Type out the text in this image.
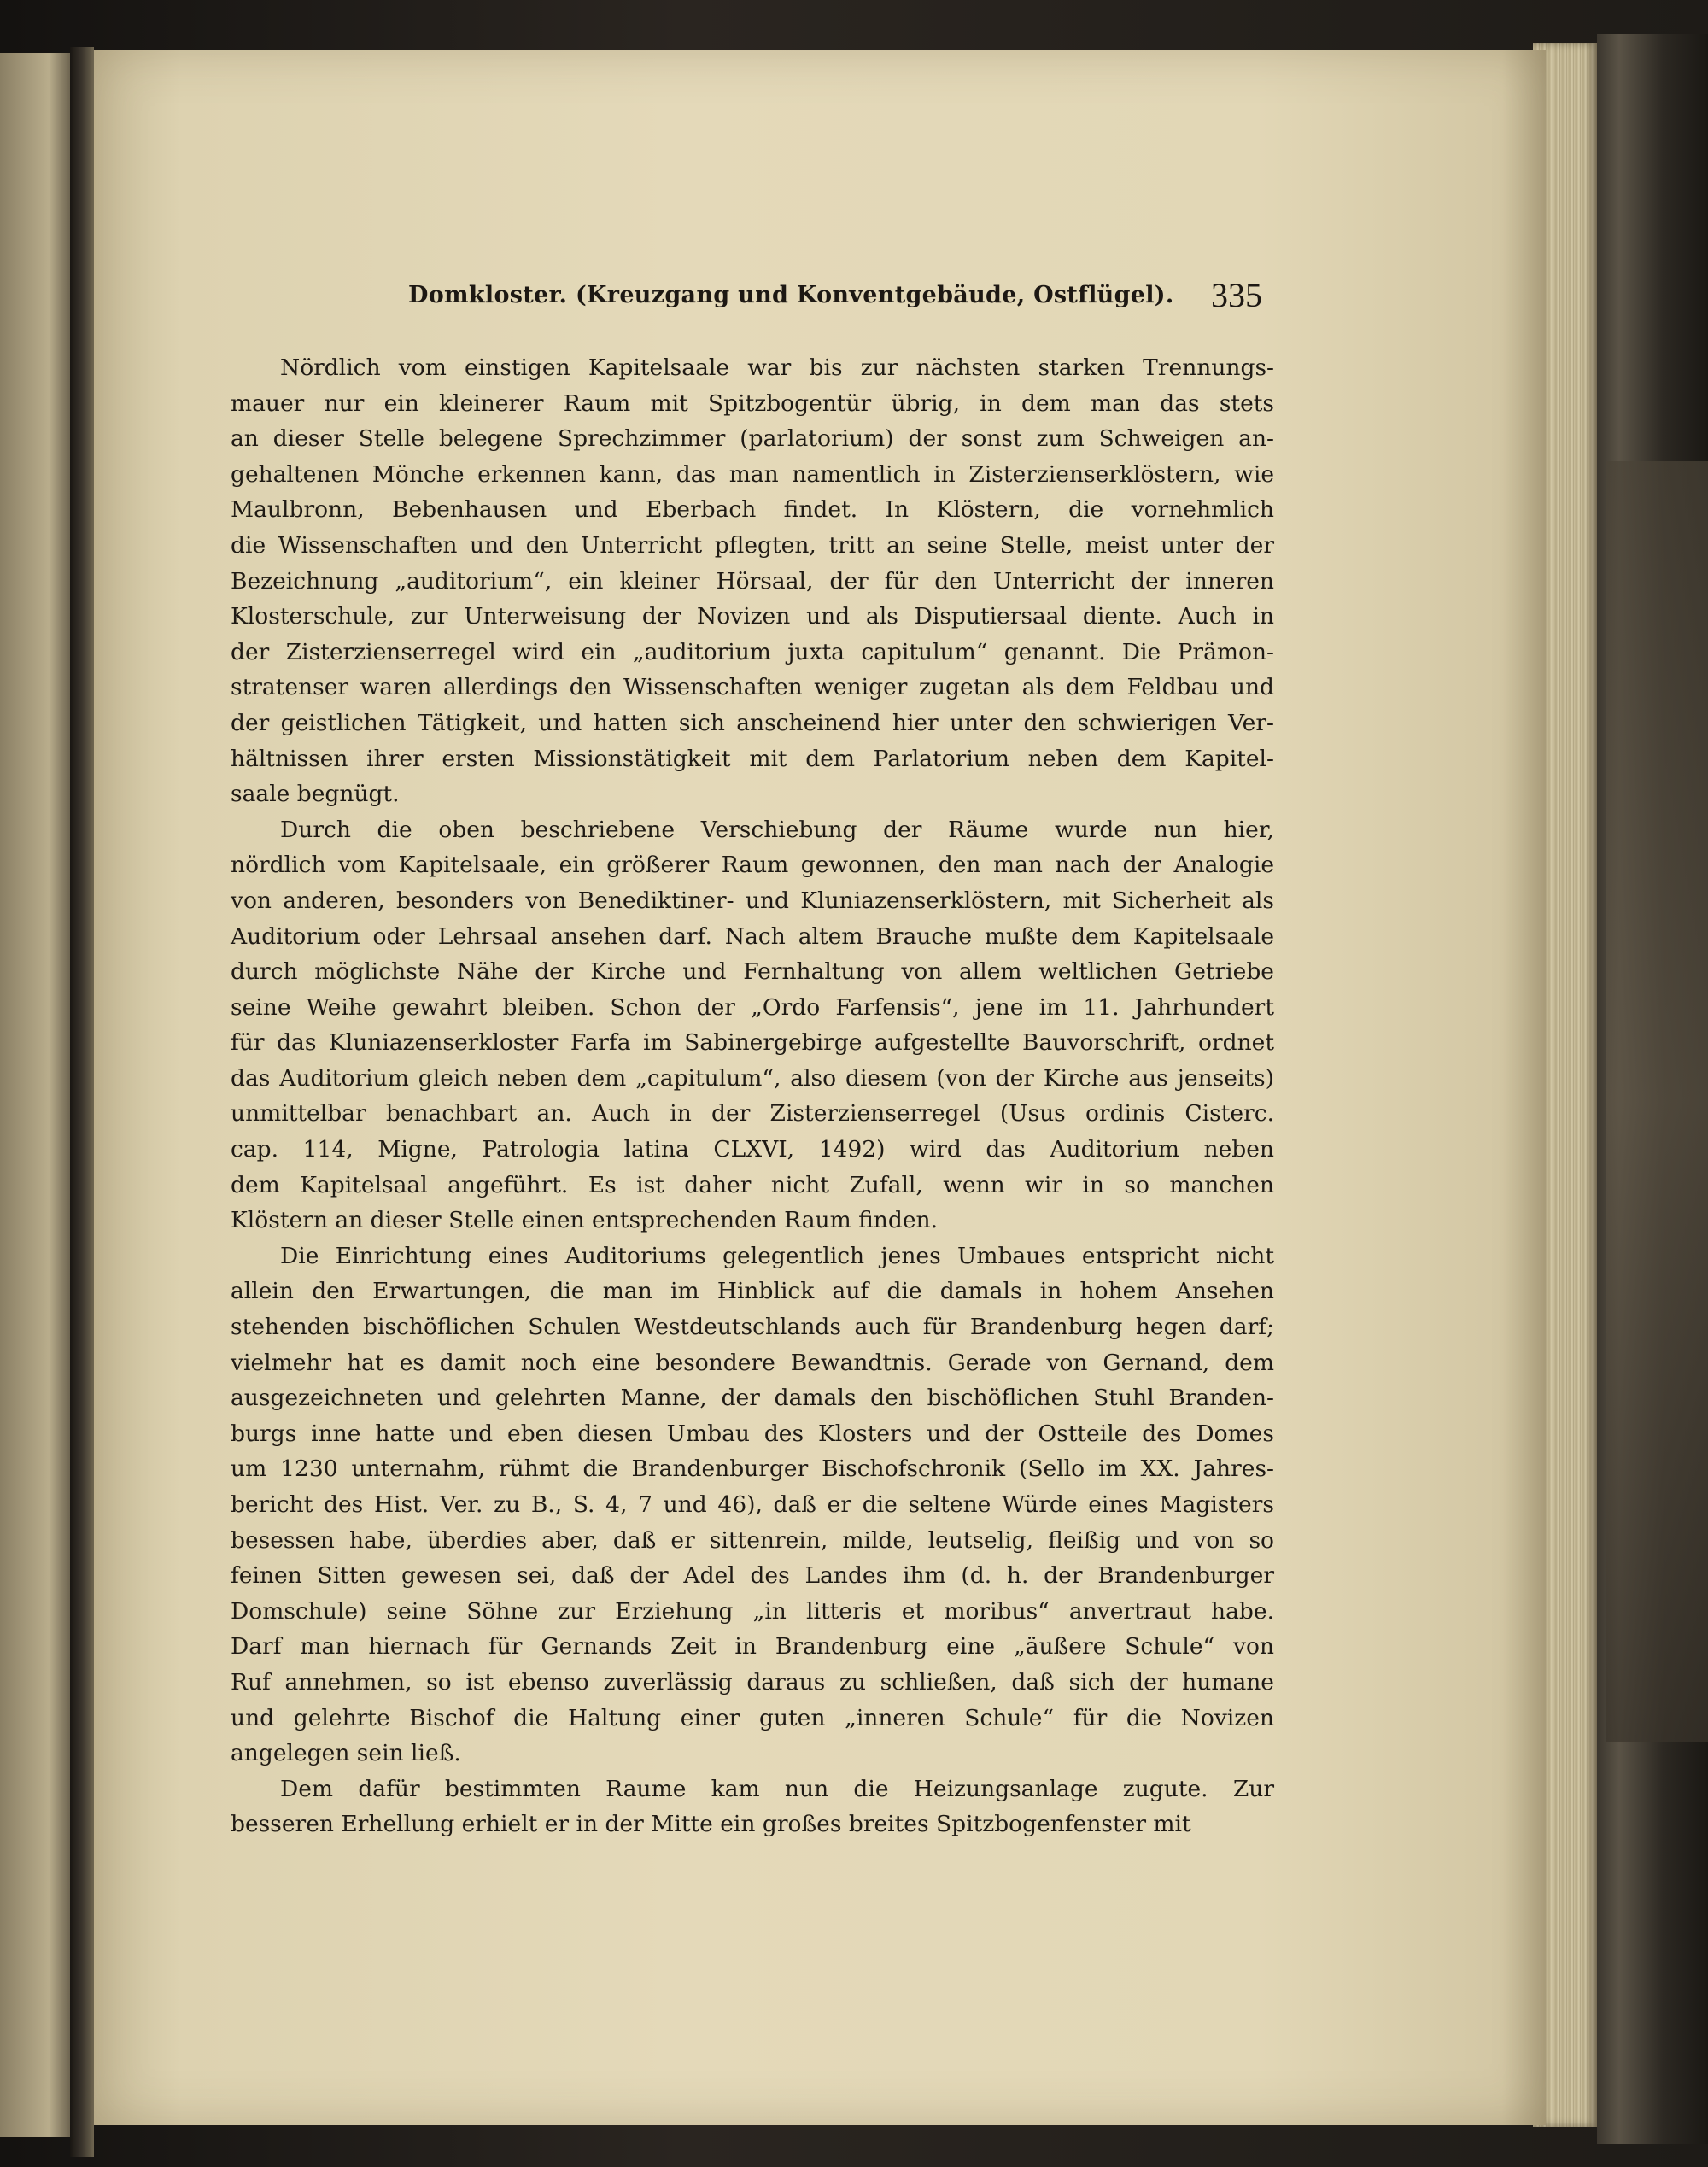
Domkloster. (Kreuzgang und Konventgebäude, Ostflügel). 335
Nördlich vom einstigen Kapitelsaale war bis zur nächsten starken Trennungs-
mauer nur ein kleinerer Raum mit Spitzbogentür übrig, in dem man das stets
an dieser Stelle belegene Sprechzimmer (parlatorium) der sonst zum Schweigen an-
gehaltenen Mönche erkennen kann, das man namentlich in Zisterzienserklöstern, wie
Maulbronn, Bebenhausen und Eberbach findet. In Klöstern, die vornehmlich
die Wissenschaften und den Unterricht pflegten, tritt an seine Stelle, meist unter der
Bezeichnung „auditorium“, ein kleiner Hörsaal, der für den Unterricht der inneren
Klosterschule, zur Unterweisung der Novizen und als Disputiersaal diente. Auch in
der Zisterzienserregel wird ein „auditorium juxta capitulum“ genannt. Die Prämon-
stratenser waren allerdings den Wissenschaften weniger zugetan als dem Feldbau und
der geistlichen Tätigkeit, und hatten sich anscheinend hier unter den schwierigen Ver-
hältnissen ihrer ersten Missionstätigkeit mit dem Parlatorium neben dem Kapitel-
saale begnügt.
Durch die oben beschriebene Verschiebung der Räume wurde nun hier,
nördlich vom Kapitelsaale, ein größerer Raum gewonnen, den man nach der Analogie
von anderen, besonders von Benediktiner- und Kluniazenserklöstern, mit Sicherheit als
Auditorium oder Lehrsaal ansehen darf. Nach altem Brauche mußte dem Kapitelsaale
durch möglichste Nähe der Kirche und Fernhaltung von allem weltlichen Getriebe
seine Weihe gewahrt bleiben. Schon der „Ordo Farfensis“, jene im 11. Jahrhundert
für das Kluniazenserkloster Farfa im Sabinergebirge aufgestellte Bauvorschrift, ordnet
das Auditorium gleich neben dem „capitulum“, also diesem (von der Kirche aus jenseits)
unmittelbar benachbart an. Auch in der Zisterzienserregel (Usus ordinis Cisterc.
cap. 114, Migne, Patrologia latina CLXVI, 1492) wird das Auditorium neben
dem Kapitelsaal angeführt. Es ist daher nicht Zufall, wenn wir in so manchen
Klöstern an dieser Stelle einen entsprechenden Raum finden.
Die Einrichtung eines Auditoriums gelegentlich jenes Umbaues entspricht nicht
allein den Erwartungen, die man im Hinblick auf die damals in hohem Ansehen
stehenden bischöflichen Schulen Westdeutschlands auch für Brandenburg hegen darf;
vielmehr hat es damit noch eine besondere Bewandtnis. Gerade von Gernand, dem
ausgezeichneten und gelehrten Manne, der damals den bischöflichen Stuhl Branden-
burgs inne hatte und eben diesen Umbau des Klosters und der Ostteile des Domes
um 1230 unternahm, rühmt die Brandenburger Bischofschronik (Sello im XX. Jahres-
bericht des Hist. Ver. zu B., S. 4, 7 und 46), daß er die seltene Würde eines Magisters
besessen habe, überdies aber, daß er sittenrein, milde, leutselig, fleißig und von so
feinen Sitten gewesen sei, daß der Adel des Landes ihm (d. h. der Brandenburger
Domschule) seine Söhne zur Erziehung „in litteris et moribus“ anvertraut habe.
Darf man hiernach für Gernands Zeit in Brandenburg eine „äußere Schule“ von
Ruf annehmen, so ist ebenso zuverlässig daraus zu schließen, daß sich der humane
und gelehrte Bischof die Haltung einer guten „inneren Schule“ für die Novizen
angelegen sein ließ.
Dem dafür bestimmten Raume kam nun die Heizungsanlage zugute. Zur
besseren Erhellung erhielt er in der Mitte ein großes breites Spitzbogenfenster mit
